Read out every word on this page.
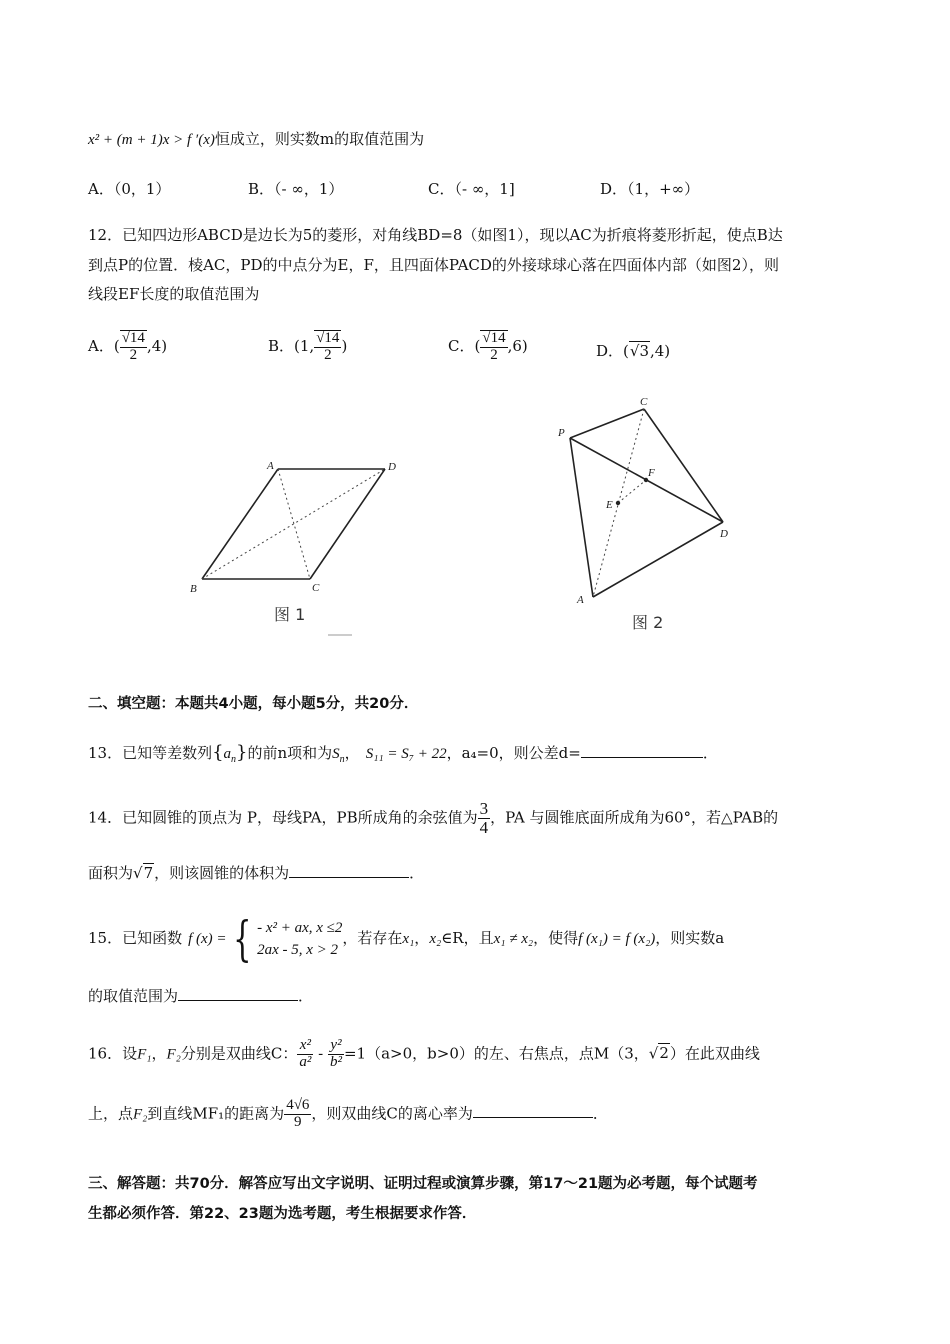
x² + (m + 1)x > f ′(x)恒成立，则实数m的取值范围为
A．（0，1）	B．（- ∞，1）	C．（- ∞，1]	D．（1，+∞）
12．已知四边形ABCD是边长为5的菱形，对角线BD=8（如图1），现以AC为折痕将菱形折起，使点B达
到点P的位置．棱AC，PD的中点分为E，F，且四面体PACD的外接球球心落在四面体内部（如图2），则
线段EF长度的取值范围为
A．( $\frac{√14}{2} ,4$)	B．(1, $\frac{√14}{2}$ )	C．( $\frac{√14}{2} ,6$)	D．(√3,4)
A	D
B	C
图 1
P
C
F
E
D
A
图 2
二、填空题：本题共4小题，每小题5分，共20分．
13．已知等差数列$\{a_n\}$的前n项和为$S_n$， S₁₁ = S₇ + 22，a₄=0，则公差d=	．
14．已知圆锥的顶点为 P，母线PA，PB所成角的余弦值为 $\frac{3}{4}$ ，PA 与圆锥底面所成角为60°，若△PAB的
面积为√7，则该圆锥的体积为	．
15．已知函数 f (x) = { - x² + ax, x ≤2
2ax - 5, x > 2
，若存在x₁，x₂∈R，且x₁ ≠ x₂，使得f (x₁) = f (x₂)，则实数a
的取值范围为	．
16．设F₁，F₂分别是双曲线C： $\frac{\text{x²}}{\text{a²}} - \frac{\text{y²}}{\text{b²}} =1(a>0$，b>0）的左、右焦点，点M（3，√2）在此双曲线
上，点F₂到直线MF₁的距离为 $\frac{4√6}{9}$ ，则双曲线C的离心率为	．
三、解答题：共70分．解答应写出文字说明、证明过程或演算步骤，第17～21题为必考题，每个试题考
生都必须作答．第22、23题为选考题，考生根据要求作答．
